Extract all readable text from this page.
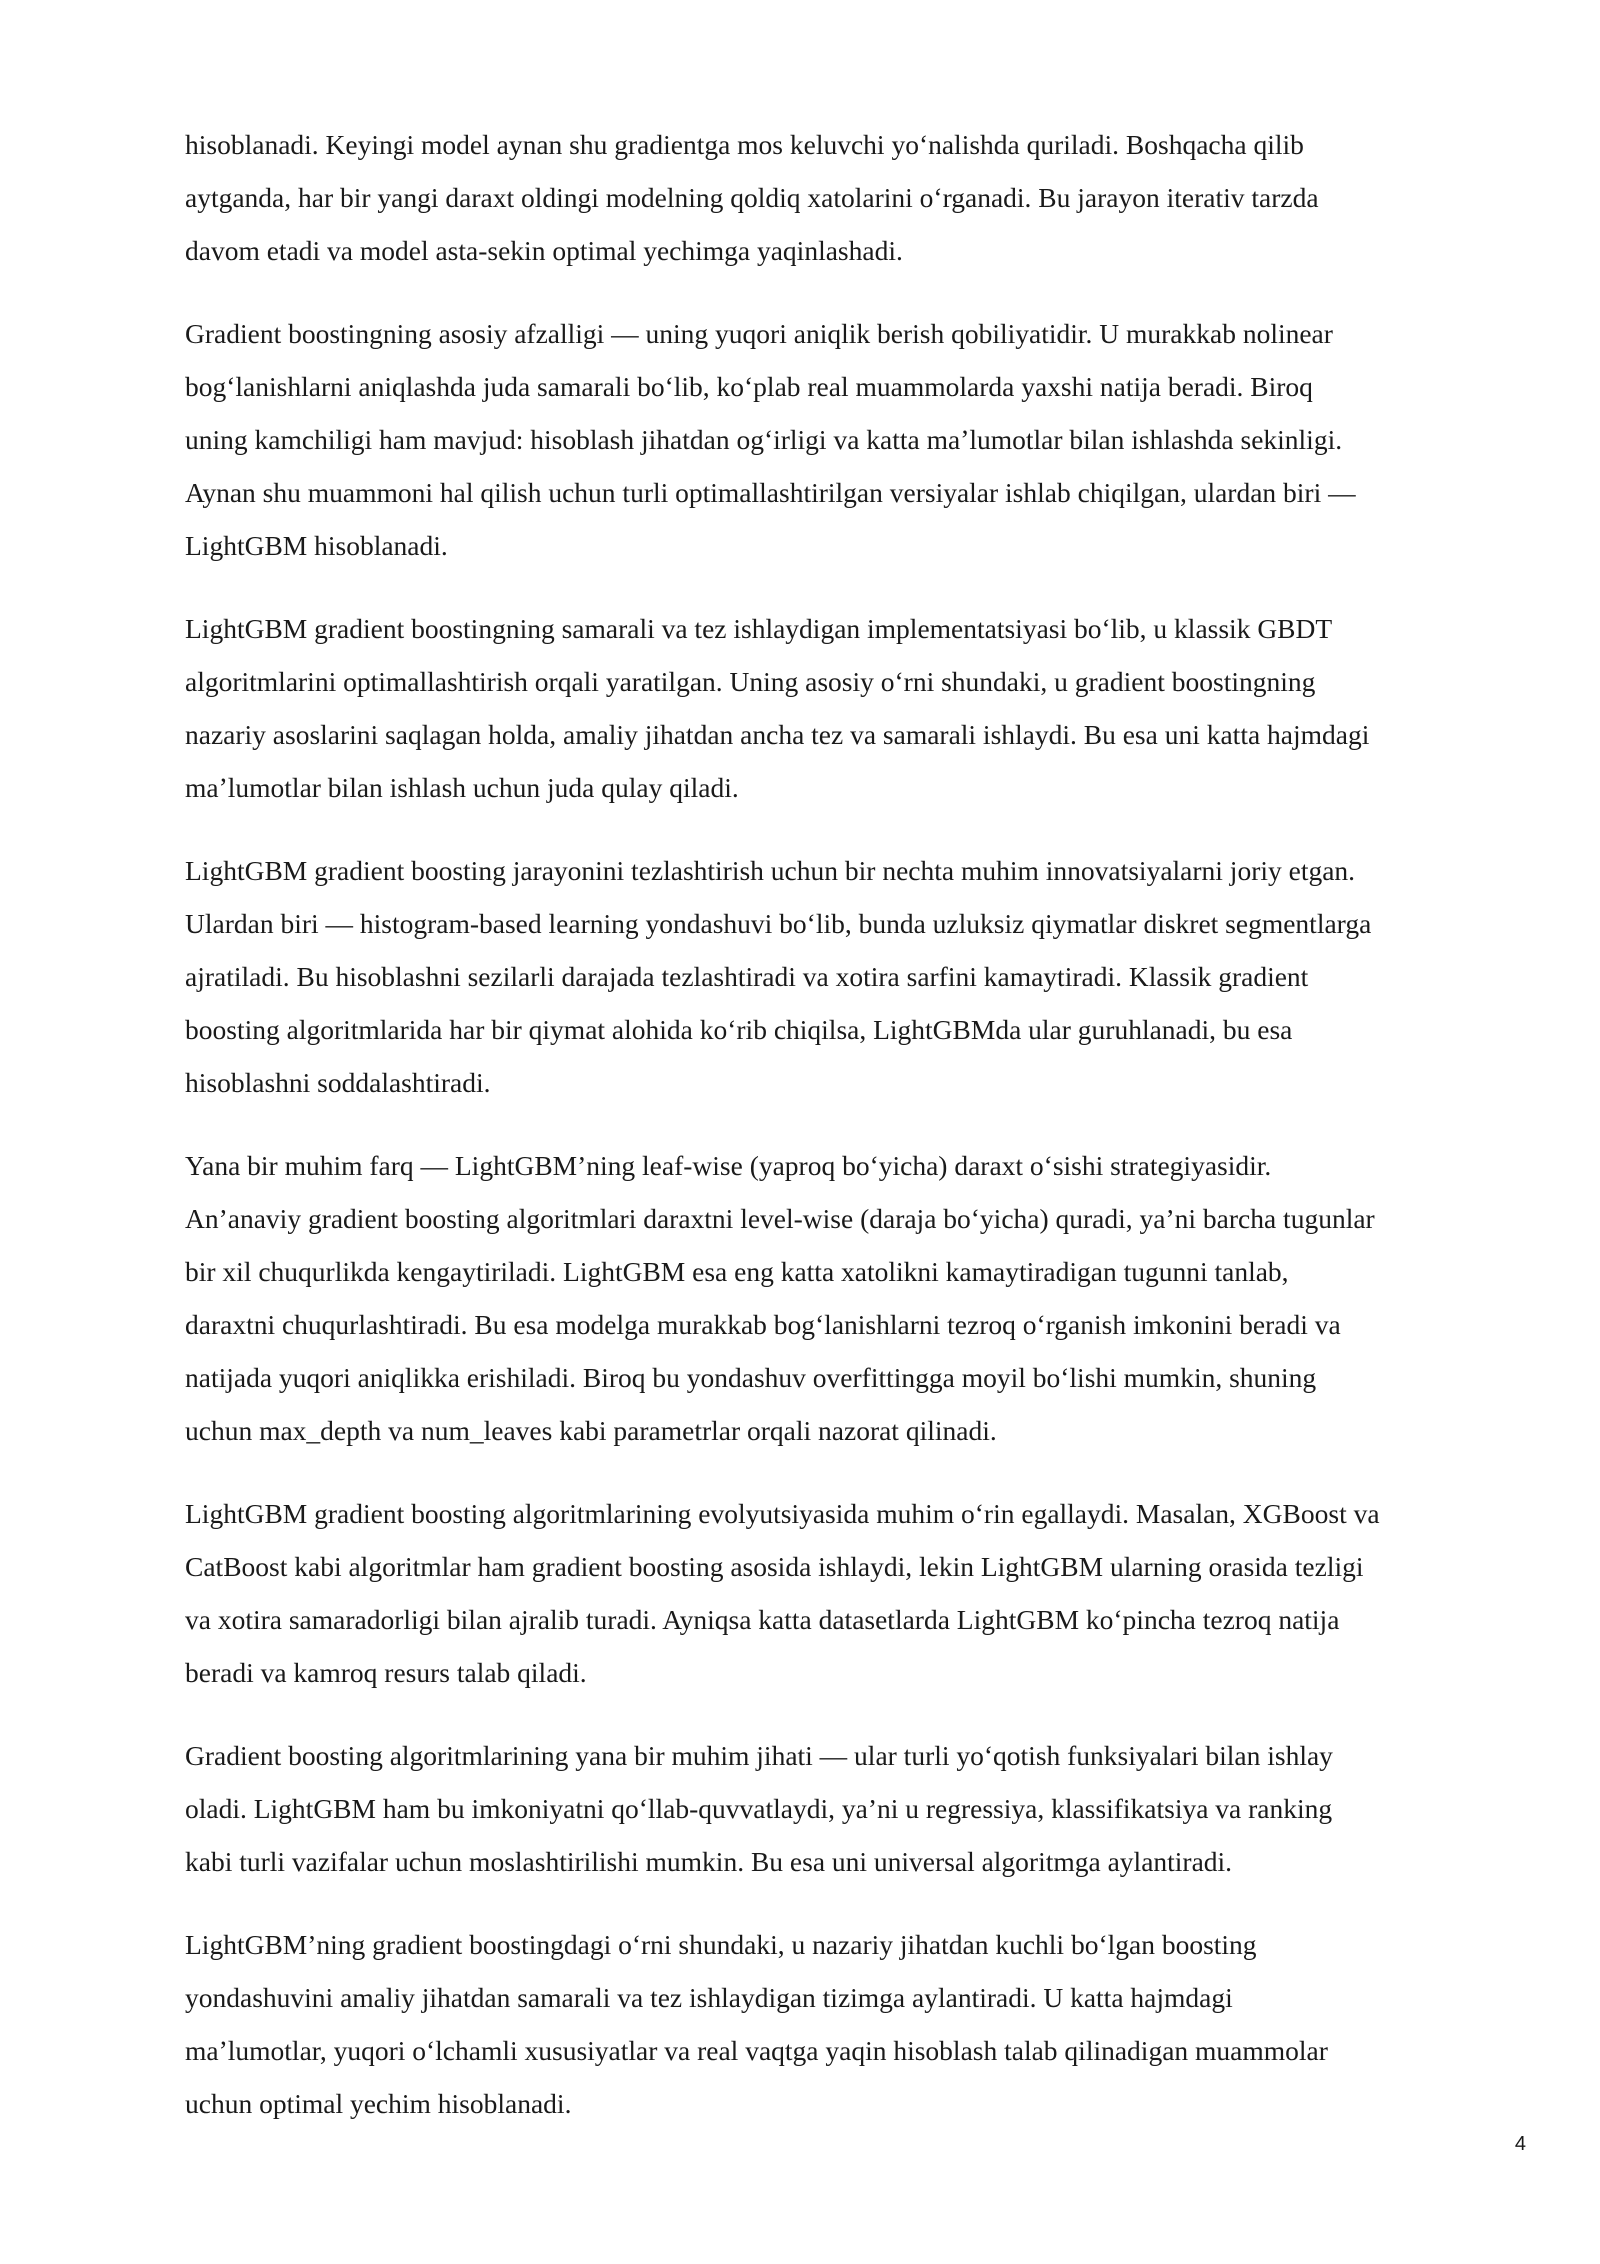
hisoblanadi. Keyingi model aynan shu gradientga mos keluvchi yoʻnalishda quriladi. Boshqacha qilib
aytganda, har bir yangi daraxt oldingi modelning qoldiq xatolarini oʻrganadi. Bu jarayon iterativ tarzda
davom etadi va model asta-sekin optimal yechimga yaqinlashadi.

Gradient boostingning asosiy afzalligi — uning yuqori aniqlik berish qobiliyatidir. U murakkab nolinear
bogʻlanishlarni aniqlashda juda samarali boʻlib, koʻplab real muammolarda yaxshi natija beradi. Biroq
uning kamchiligi ham mavjud: hisoblash jihatdan ogʻirligi va katta maʼlumotlar bilan ishlashda sekinligi.
Aynan shu muammoni hal qilish uchun turli optimallashtirilgan versiyalar ishlab chiqilgan, ulardan biri —
LightGBM hisoblanadi.

LightGBM gradient boostingning samarali va tez ishlaydigan implementatsiyasi boʻlib, u klassik GBDT
algoritmlarini optimallashtirish orqali yaratilgan. Uning asosiy oʻrni shundaki, u gradient boostingning
nazariy asoslarini saqlagan holda, amaliy jihatdan ancha tez va samarali ishlaydi. Bu esa uni katta hajmdagi
maʼlumotlar bilan ishlash uchun juda qulay qiladi.

LightGBM gradient boosting jarayonini tezlashtirish uchun bir nechta muhim innovatsiyalarni joriy etgan.
Ulardan biri — histogram-based learning yondashuvi boʻlib, bunda uzluksiz qiymatlar diskret segmentlarga
ajratiladi. Bu hisoblashni sezilarli darajada tezlashtiradi va xotira sarfini kamaytiradi. Klassik gradient
boosting algoritmlarida har bir qiymat alohida koʻrib chiqilsa, LightGBMda ular guruhlanadi, bu esa
hisoblashni soddalashtiradi.

Yana bir muhim farq — LightGBM’ning leaf-wise (yaproq boʻyicha) daraxt oʻsishi strategiyasidir.
An’anaviy gradient boosting algoritmlari daraxtni level-wise (daraja boʻyicha) quradi, ya’ni barcha tugunlar
bir xil chuqurlikda kengaytiriladi. LightGBM esa eng katta xatolikni kamaytiradigan tugunni tanlab,
daraxtni chuqurlashtiradi. Bu esa modelga murakkab bogʻlanishlarni tezroq oʻrganish imkonini beradi va
natijada yuqori aniqlikka erishiladi. Biroq bu yondashuv overfittingga moyil boʻlishi mumkin, shuning
uchun max_depth va num_leaves kabi parametrlar orqali nazorat qilinadi.

LightGBM gradient boosting algoritmlarining evolyutsiyasida muhim oʻrin egallaydi. Masalan, XGBoost va
CatBoost kabi algoritmlar ham gradient boosting asosida ishlaydi, lekin LightGBM ularning orasida tezligi
va xotira samaradorligi bilan ajralib turadi. Ayniqsa katta datasetlarda LightGBM koʻpincha tezroq natija
beradi va kamroq resurs talab qiladi.

Gradient boosting algoritmlarining yana bir muhim jihati — ular turli yoʻqotish funksiyalari bilan ishlay
oladi. LightGBM ham bu imkoniyatni qoʻllab-quvvatlaydi, ya’ni u regressiya, klassifikatsiya va ranking
kabi turli vazifalar uchun moslashtirilishi mumkin. Bu esa uni universal algoritmga aylantiradi.

LightGBM’ning gradient boostingdagi oʻrni shundaki, u nazariy jihatdan kuchli boʻlgan boosting
yondashuvini amaliy jihatdan samarali va tez ishlaydigan tizimga aylantiradi. U katta hajmdagi
maʼlumotlar, yuqori oʻlchamli xususiyatlar va real vaqtga yaqin hisoblash talab qilinadigan muammolar
uchun optimal yechim hisoblanadi.

4
